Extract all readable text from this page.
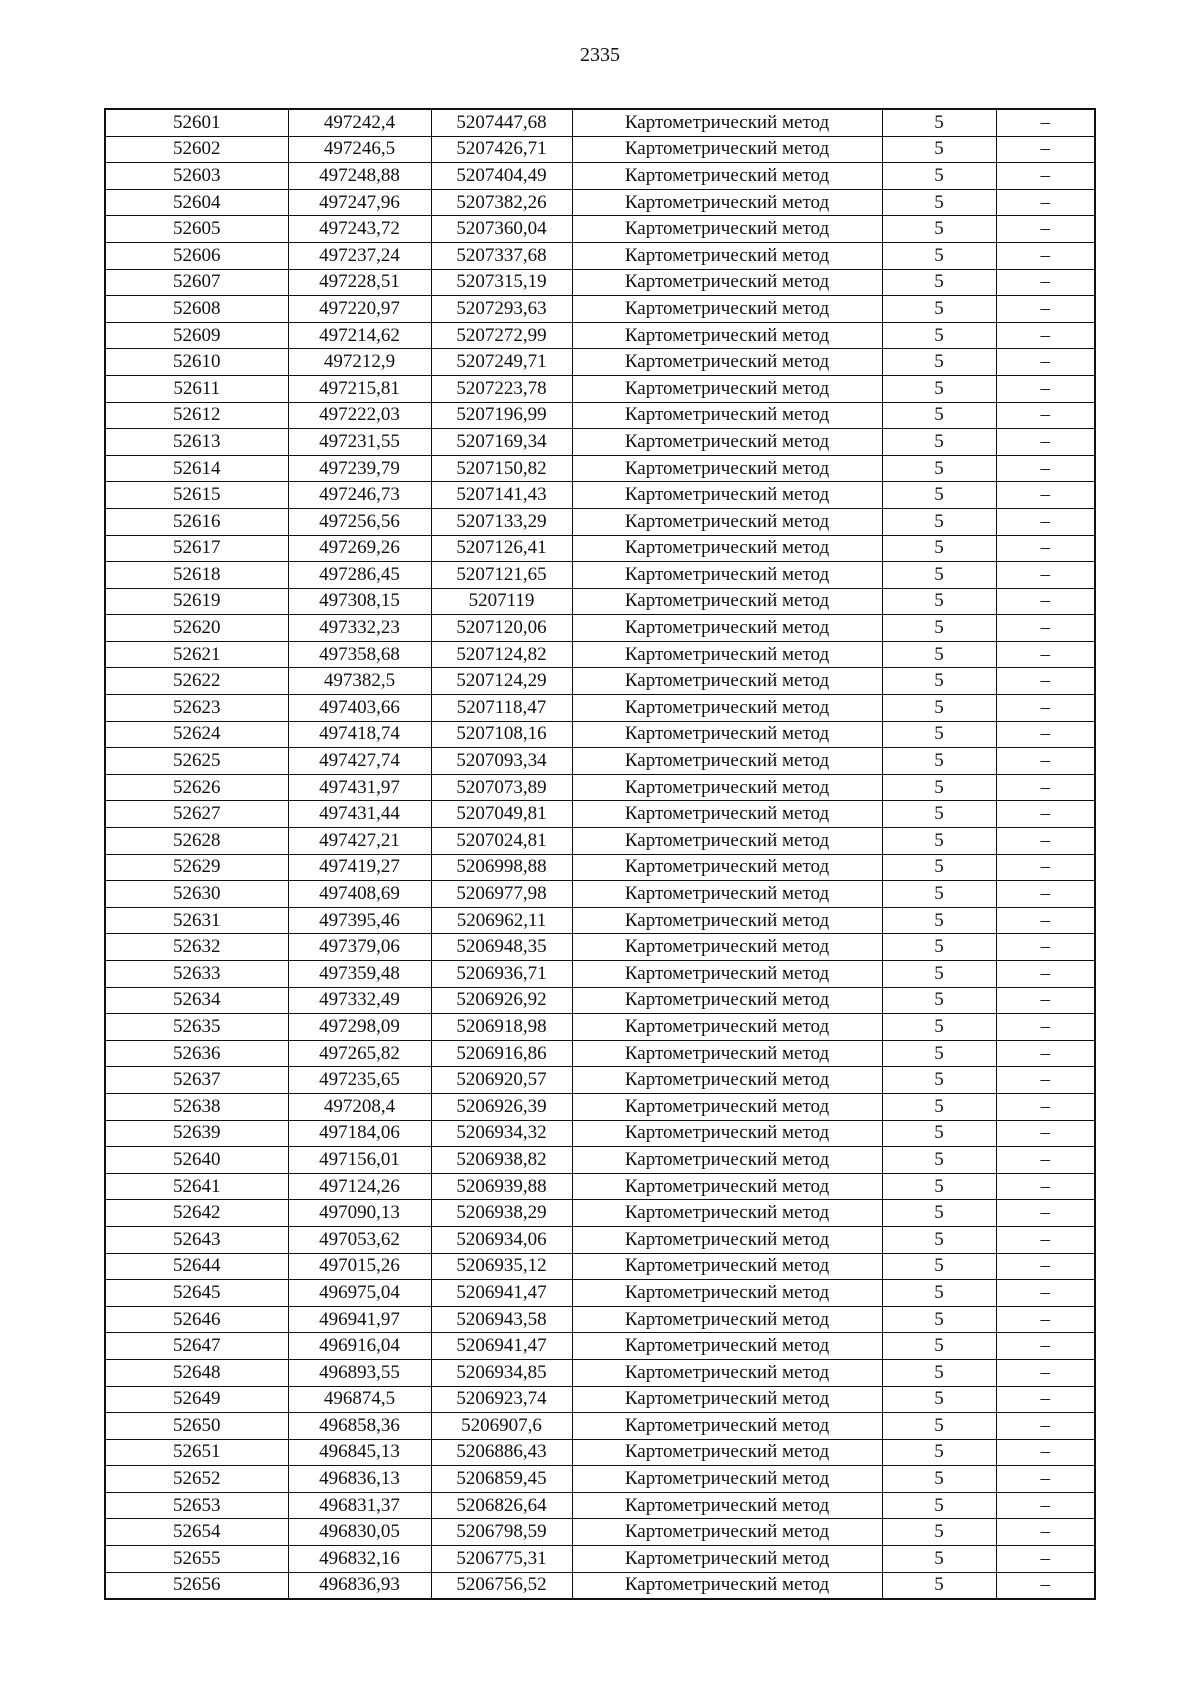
2335
52601	497242,4	5207447,68	Картометрический метод	5	–
52602	497246,5	5207426,71	Картометрический метод	5	–
52603	497248,88	5207404,49	Картометрический метод	5	–
52604	497247,96	5207382,26	Картометрический метод	5	–
52605	497243,72	5207360,04	Картометрический метод	5	–
52606	497237,24	5207337,68	Картометрический метод	5	–
52607	497228,51	5207315,19	Картометрический метод	5	–
52608	497220,97	5207293,63	Картометрический метод	5	–
52609	497214,62	5207272,99	Картометрический метод	5	–
52610	497212,9	5207249,71	Картометрический метод	5	–
52611	497215,81	5207223,78	Картометрический метод	5	–
52612	497222,03	5207196,99	Картометрический метод	5	–
52613	497231,55	5207169,34	Картометрический метод	5	–
52614	497239,79	5207150,82	Картометрический метод	5	–
52615	497246,73	5207141,43	Картометрический метод	5	–
52616	497256,56	5207133,29	Картометрический метод	5	–
52617	497269,26	5207126,41	Картометрический метод	5	–
52618	497286,45	5207121,65	Картометрический метод	5	–
52619	497308,15	5207119	Картометрический метод	5	–
52620	497332,23	5207120,06	Картометрический метод	5	–
52621	497358,68	5207124,82	Картометрический метод	5	–
52622	497382,5	5207124,29	Картометрический метод	5	–
52623	497403,66	5207118,47	Картометрический метод	5	–
52624	497418,74	5207108,16	Картометрический метод	5	–
52625	497427,74	5207093,34	Картометрический метод	5	–
52626	497431,97	5207073,89	Картометрический метод	5	–
52627	497431,44	5207049,81	Картометрический метод	5	–
52628	497427,21	5207024,81	Картометрический метод	5	–
52629	497419,27	5206998,88	Картометрический метод	5	–
52630	497408,69	5206977,98	Картометрический метод	5	–
52631	497395,46	5206962,11	Картометрический метод	5	–
52632	497379,06	5206948,35	Картометрический метод	5	–
52633	497359,48	5206936,71	Картометрический метод	5	–
52634	497332,49	5206926,92	Картометрический метод	5	–
52635	497298,09	5206918,98	Картометрический метод	5	–
52636	497265,82	5206916,86	Картометрический метод	5	–
52637	497235,65	5206920,57	Картометрический метод	5	–
52638	497208,4	5206926,39	Картометрический метод	5	–
52639	497184,06	5206934,32	Картометрический метод	5	–
52640	497156,01	5206938,82	Картометрический метод	5	–
52641	497124,26	5206939,88	Картометрический метод	5	–
52642	497090,13	5206938,29	Картометрический метод	5	–
52643	497053,62	5206934,06	Картометрический метод	5	–
52644	497015,26	5206935,12	Картометрический метод	5	–
52645	496975,04	5206941,47	Картометрический метод	5	–
52646	496941,97	5206943,58	Картометрический метод	5	–
52647	496916,04	5206941,47	Картометрический метод	5	–
52648	496893,55	5206934,85	Картометрический метод	5	–
52649	496874,5	5206923,74	Картометрический метод	5	–
52650	496858,36	5206907,6	Картометрический метод	5	–
52651	496845,13	5206886,43	Картометрический метод	5	–
52652	496836,13	5206859,45	Картометрический метод	5	–
52653	496831,37	5206826,64	Картометрический метод	5	–
52654	496830,05	5206798,59	Картометрический метод	5	–
52655	496832,16	5206775,31	Картометрический метод	5	–
52656	496836,93	5206756,52	Картометрический метод	5	–
